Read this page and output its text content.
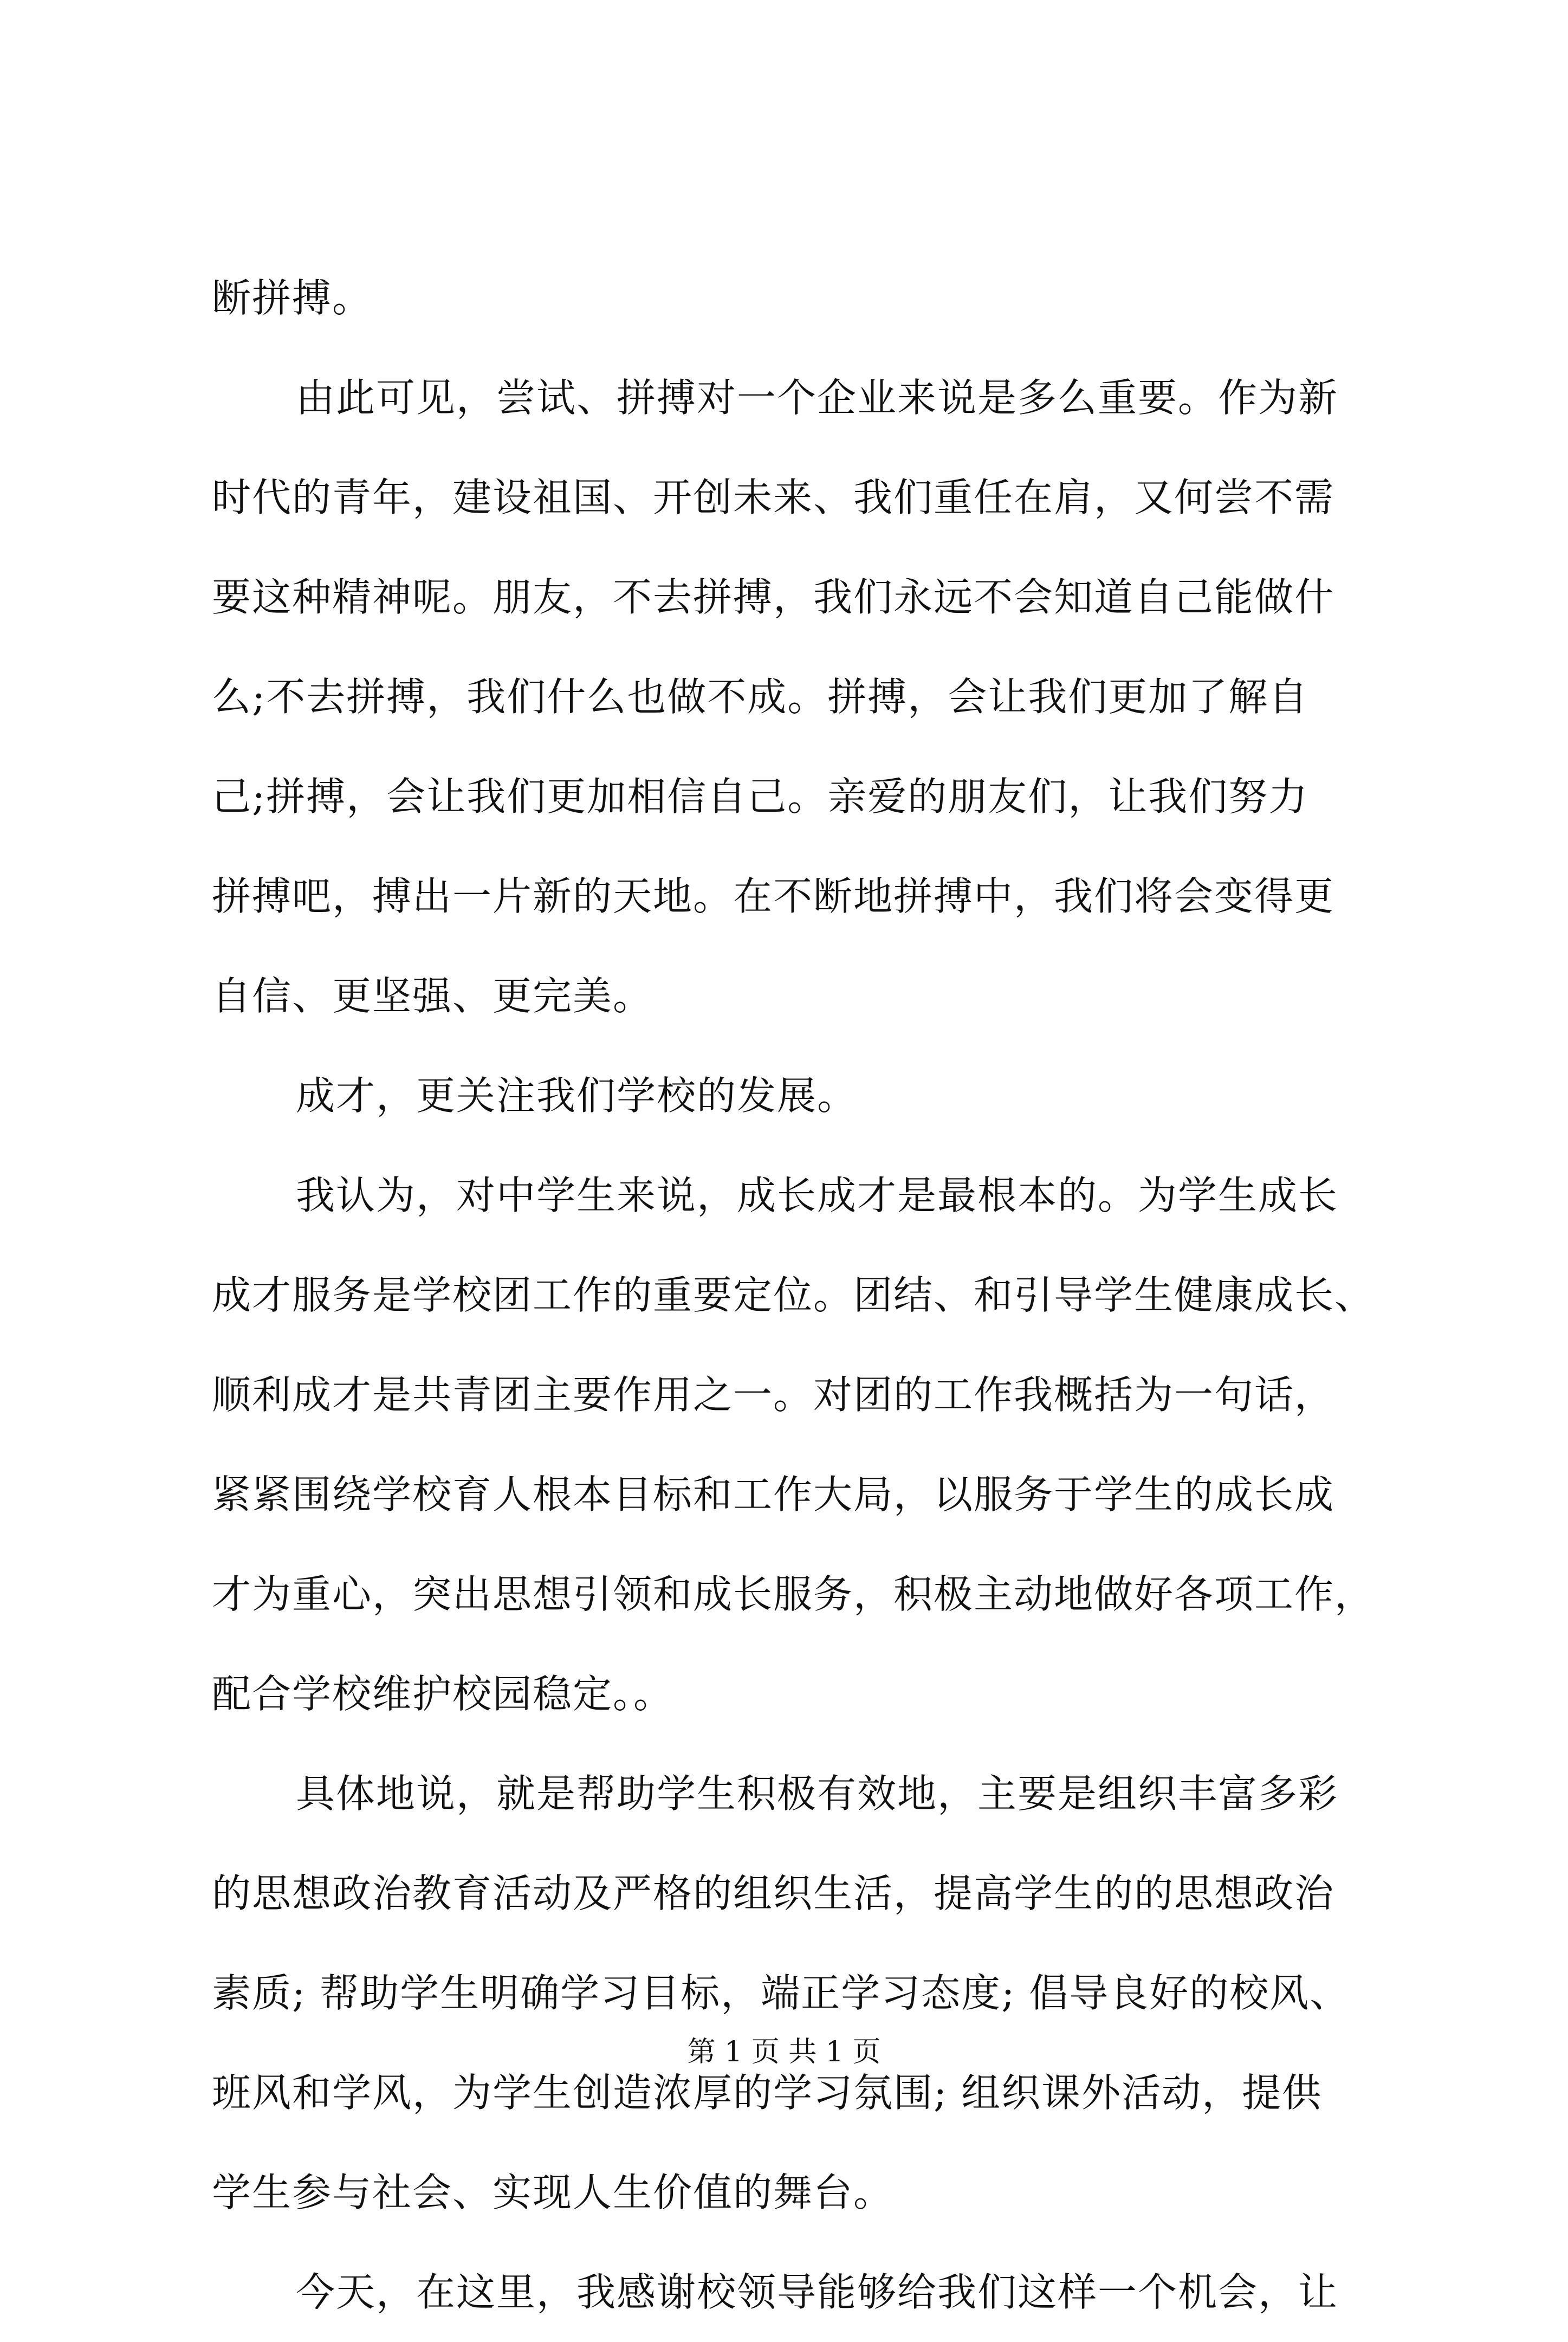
断拼搏。
由此可见，尝试、拼搏对一个企业来说是多么重要。作为新
时代的青年，建设祖国、开创未来、我们重任在肩，又何尝不需
要这种精神呢。朋友，不去拼搏，我们永远不会知道自己能做什
么;不去拼搏，我们什么也做不成。拼搏，会让我们更加了解自
己;拼搏，会让我们更加相信自己。亲爱的朋友们，让我们努力
拼搏吧，搏出一片新的天地。在不断地拼搏中，我们将会变得更
自信、更坚强、更完美。
成才，更关注我们学校的发展。
我认为，对中学生来说，成长成才是最根本的。为学生成长
成才服务是学校团工作的重要定位。团结、和引导学生健康成长、
顺利成才是共青团主要作用之一。对团的工作我概括为一句话，
紧紧围绕学校育人根本目标和工作大局，以服务于学生的成长成
才为重心，突出思想引领和成长服务，积极主动地做好各项工作，
配合学校维护校园稳定。。
具体地说，就是帮助学生积极有效地，主要是组织丰富多彩
的思想政治教育活动及严格的组织生活，提高学生的的思想政治
素质; 帮助学生明确学习目标，端正学习态度; 倡导良好的校风、
班风和学风，为学生创造浓厚的学习氛围; 组织课外活动，提供
学生参与社会、实现人生价值的舞台。
今天，在这里，我感谢校领导能够给我们这样一个机会，让
第 1 页 共 1 页
